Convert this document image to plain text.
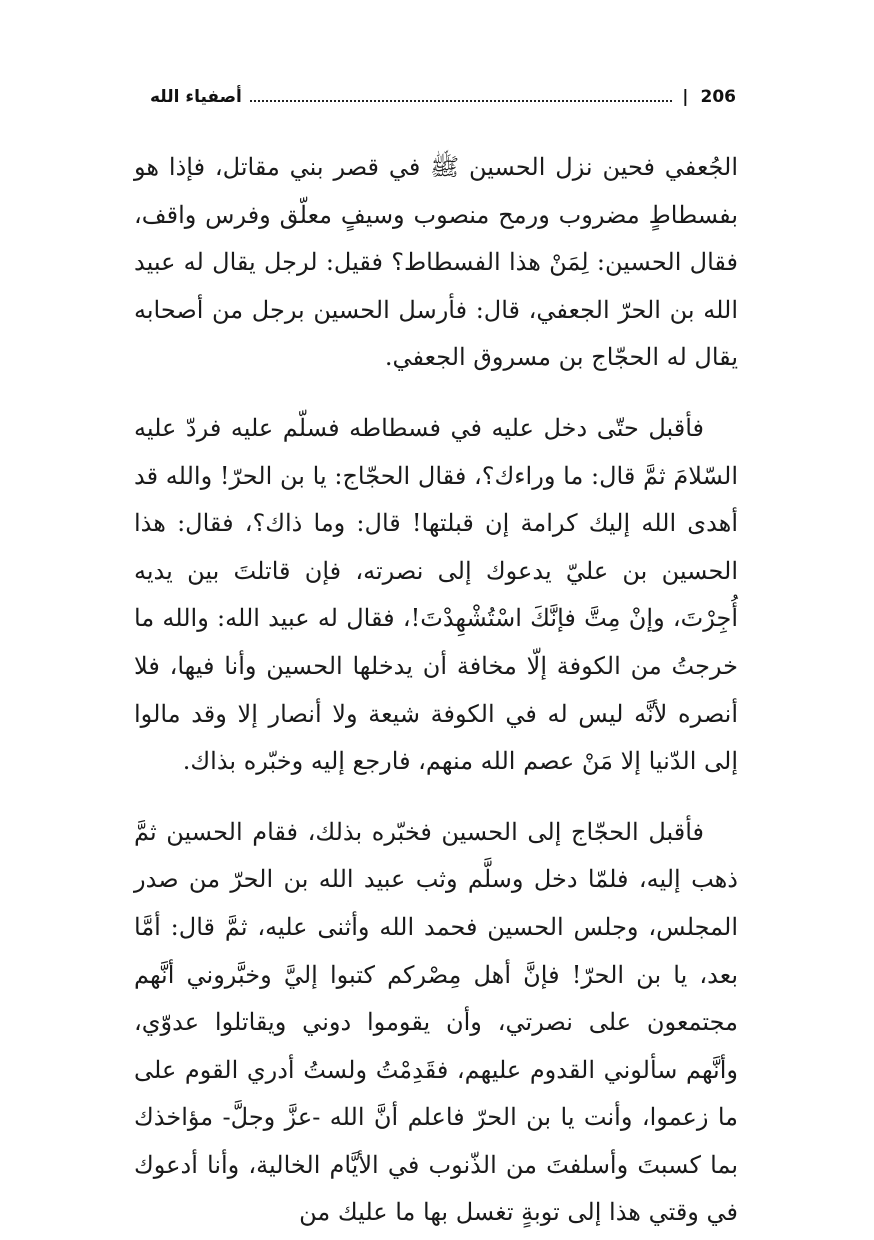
206
|
أصفياء الله

الجُعفي فحين نزل الحسين ﷺ في قصر بني مقاتل، فإذا هو بفسطاطٍ مضروب ورمح منصوب وسيفٍ معلّق وفرس واقف، فقال الحسين: لِمَنْ هذا الفسطاط؟ فقيل: لرجل يقال له عبيد الله بن الحرّ الجعفي، قال: فأرسل الحسين برجل من أصحابه يقال له الحجّاج بن مسروق الجعفي.

فأقبل حتّى دخل عليه في فسطاطه فسلّم عليه فردّ عليه السّلامَ ثمَّ قال: ما وراءك؟، فقال الحجّاج: يا بن الحرّ! والله قد أهدى الله إليك كرامة إن قبلتها! قال: وما ذاك؟، فقال: هذا الحسين بن عليّ يدعوك إلى نصرته، فإن قاتلتَ بين يديه أُجِرْتَ، وإنْ مِتَّ فإنَّكَ اسْتُشْهِدْتَ!، فقال له عبيد الله: والله ما خرجتُ من الكوفة إلّا مخافة أن يدخلها الحسين وأنا فيها، فلا أنصره لأنَّه ليس له في الكوفة شيعة ولا أنصار إلا وقد مالوا إلى الدّنيا إلا مَنْ عصم الله منهم، فارجع إليه وخبّره بذاك.

فأقبل الحجّاج إلى الحسين فخبّره بذلك، فقام الحسين ثمَّ ذهب إليه، فلمّا دخل وسلَّم وثب عبيد الله بن الحرّ من صدر المجلس، وجلس الحسين فحمد الله وأثنى عليه، ثمَّ قال: أمَّا بعد، يا بن الحرّ! فإنَّ أهل مِصْركم كتبوا إليَّ وخبَّروني أنَّهم مجتمعون على نصرتي، وأن يقوموا دوني ويقاتلوا عدوّي، وأنَّهم سألوني القدوم عليهم، فقَدِمْتُ ولستُ أدري القوم على ما زعموا، وأنت يا بن الحرّ فاعلم أنَّ الله -عزَّ وجلَّ- مؤاخذك بما كسبتَ وأسلفتَ من الذّنوب في الأيَّام الخالية، وأنا أدعوك في وقتي هذا إلى توبةٍ تغسل بها ما عليك من
